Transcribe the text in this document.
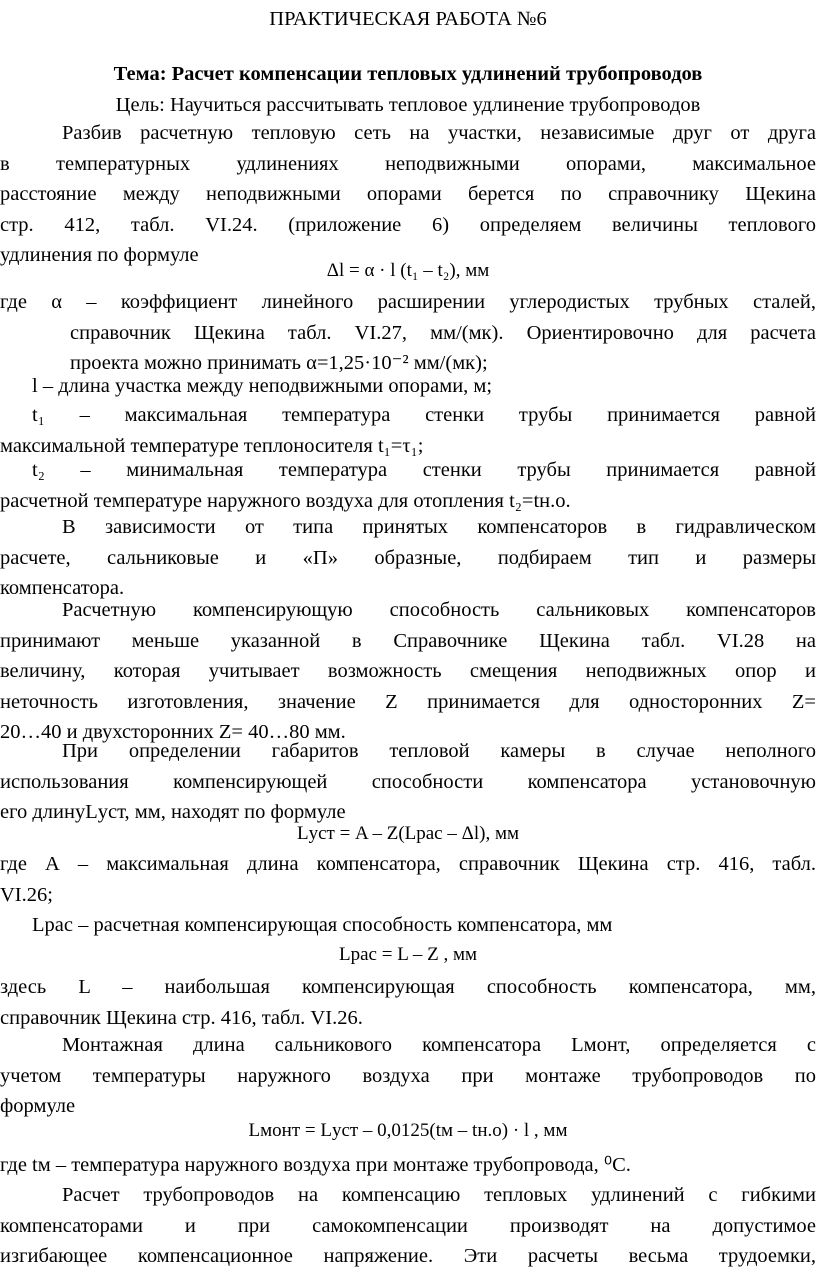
ПРАКТИЧЕСКАЯ РАБОТА №6
Тема: Расчет компенсации тепловых удлинений трубопроводов
Цель: Научиться рассчитывать тепловое удлинение трубопроводов
Разбив расчетную тепловую сеть на участки, независимые друг от друга
в температурных удлинениях неподвижными опорами, максимальное
расстояние между неподвижными опорами берется по справочнику Щекина
стр. 412, табл. VI.24. (приложение 6) определяем величины теплового
удлинения по формуле
Δl = α · l (t₁ – t₂), мм
где α – коэффициент линейного расширении углеродистых трубных сталей,
справочник Щекина табл. VI.27, мм/(мк). Ориентировочно для расчета
проекта можно принимать α=1,25·10⁻² мм/(мк);
l – длина участка между неподвижными опорами, м;
t₁ – максимальная температура стенки трубы принимается равной
максимальной температуре теплоносителя t₁=τ₁;
t₂ – минимальная температура стенки трубы принимается равной
расчетной температуре наружного воздуха для отопления t₂=tн.о.
В зависимости от типа принятых компенсаторов в гидравлическом
расчете, сальниковые и «П» образные, подбираем тип и размеры
компенсатора.
Расчетную компенсирующую способность сальниковых компенсаторов
принимают меньше указанной в Справочнике Щекина табл. VI.28 на
величину, которая учитывает возможность смещения неподвижных опор и
неточность изготовления, значение Z принимается для односторонних Z=
20…40 и двухсторонних Z= 40…80 мм.
При определении габаритов тепловой камеры в случае неполного
использования компенсирующей способности компенсатора установочную
его длинуLуст, мм, находят по формуле
Lуст = A – Z(Lрас – Δl), мм
где А – максимальная длина компенсатора, справочник Щекина стр. 416, табл.
VI.26;
Lрас – расчетная компенсирующая способность компенсатора, мм
Lрас = L – Z , мм
здесь L – наибольшая компенсирующая способность компенсатора, мм,
справочник Щекина стр. 416, табл. VI.26.
Монтажная длина сальникового компенсатора Lмонт, определяется с
учетом температуры наружного воздуха при монтаже трубопроводов по
формуле
Lмонт = Lуст – 0,0125(tм – tн.о) · l , мм
где tм – температура наружного воздуха при монтаже трубопровода, ⁰С.
Расчет трубопроводов на компенсацию тепловых удлинений с гибкими
компенсаторами и при самокомпенсации производят на допустимое
изгибающее компенсационное напряжение. Эти расчеты весьма трудоемки,
